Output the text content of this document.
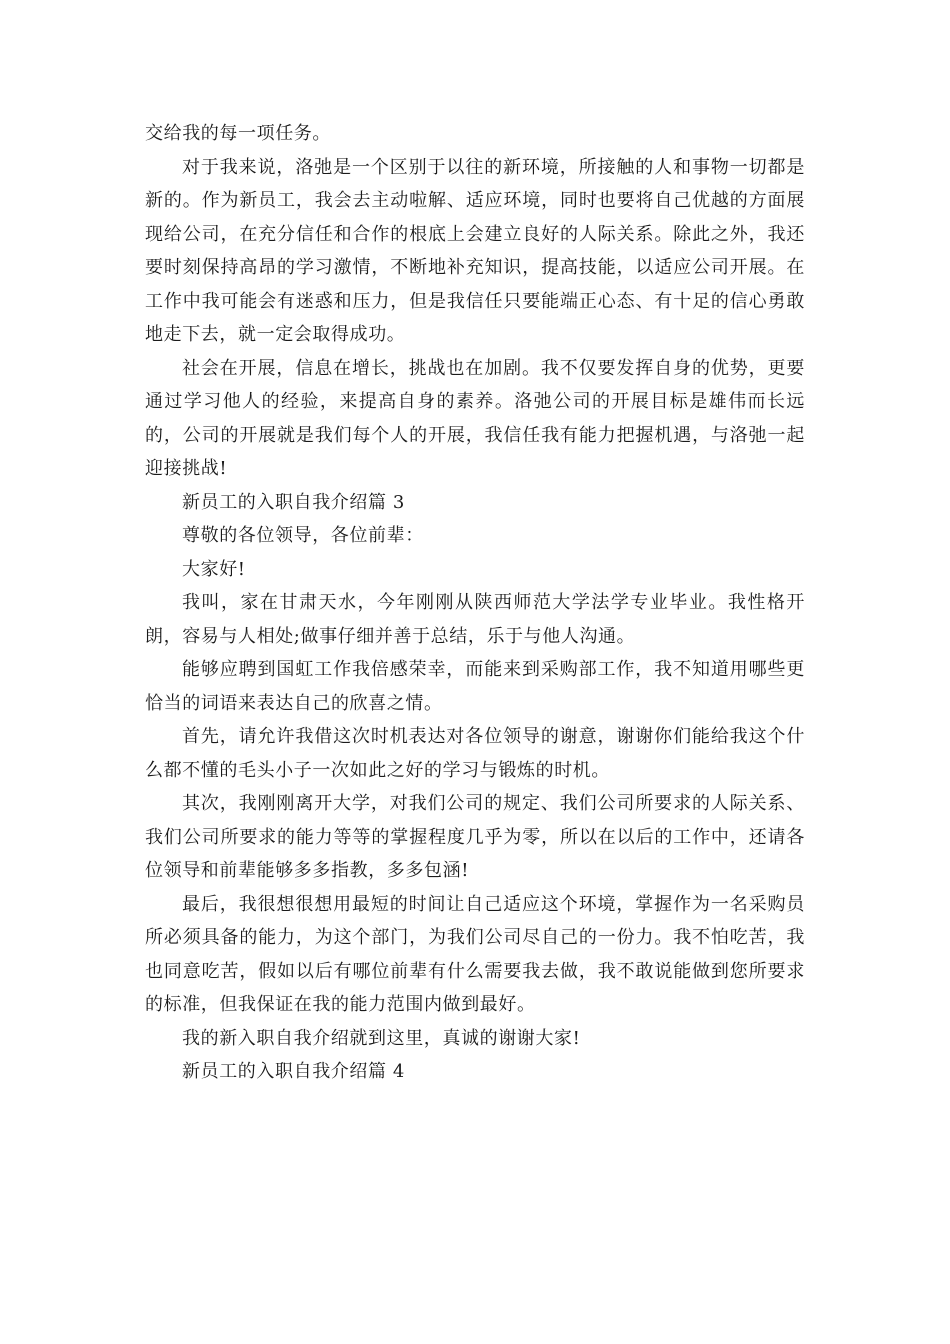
交给我的每一项任务。

对于我来说，洛弛是一个区别于以往的新环境，所接触的人和事物一切都是新的。作为新员工，我会去主动啦解、适应环境，同时也要将自己优越的方面展现给公司，在充分信任和合作的根底上会建立良好的人际关系。除此之外，我还要时刻保持高昂的学习激情，不断地补充知识，提高技能，以适应公司开展。在工作中我可能会有迷惑和压力，但是我信任只要能端正心态、有十足的信心勇敢地走下去，就一定会取得成功。

社会在开展，信息在增长，挑战也在加剧。我不仅要发挥自身的优势，更要通过学习他人的经验，来提高自身的素养。洛弛公司的开展目标是雄伟而长远的，公司的开展就是我们每个人的开展，我信任我有能力把握机遇，与洛弛一起迎接挑战!

新员工的入职自我介绍篇 3

尊敬的各位领导，各位前辈：

大家好!

我叫，家在甘肃天水，今年刚刚从陕西师范大学法学专业毕业。我性格开朗，容易与人相处;做事仔细并善于总结，乐于与他人沟通。

能够应聘到国虹工作我倍感荣幸，而能来到采购部工作，我不知道用哪些更恰当的词语来表达自己的欣喜之情。

首先，请允许我借这次时机表达对各位领导的谢意，谢谢你们能给我这个什么都不懂的毛头小子一次如此之好的学习与锻炼的时机。

其次，我刚刚离开大学，对我们公司的规定、我们公司所要求的人际关系、我们公司所要求的能力等等的掌握程度几乎为零，所以在以后的工作中，还请各位领导和前辈能够多多指教，多多包涵!

最后，我很想很想用最短的时间让自己适应这个环境，掌握作为一名采购员所必须具备的能力，为这个部门，为我们公司尽自己的一份力。我不怕吃苦，我也同意吃苦，假如以后有哪位前辈有什么需要我去做，我不敢说能做到您所要求的标准，但我保证在我的能力范围内做到最好。

我的新入职自我介绍就到这里，真诚的谢谢大家!

新员工的入职自我介绍篇 4
